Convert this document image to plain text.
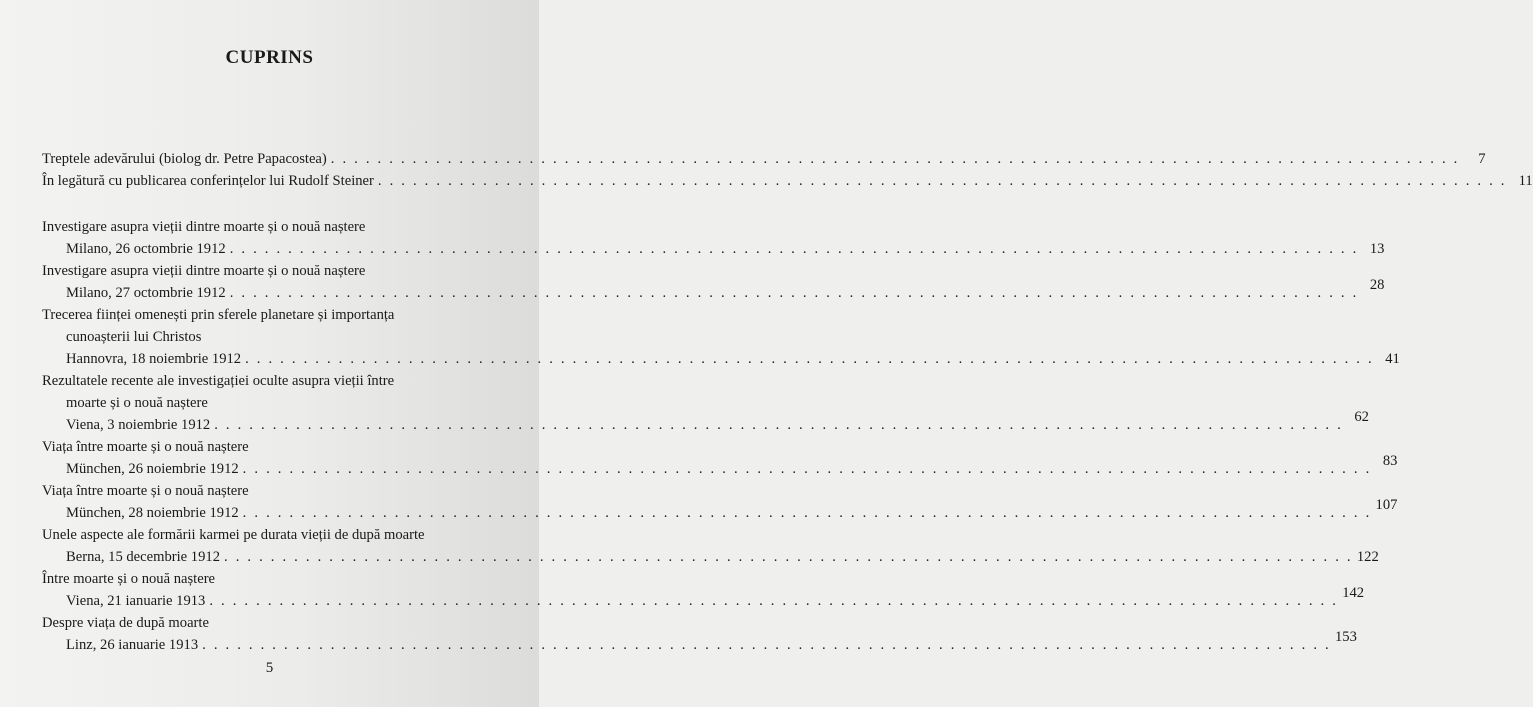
CUPRINS
Treptele adevărului (biolog dr. Petre Papacostea) . . .	7
În legătură cu publicarea conferințelor lui Rudolf Steiner . . .	11
Investigare asupra vieții dintre moarte și o nouă naștere
Milano, 26 octombrie 1912 . . .	13
Investigare asupra vieții dintre moarte și o nouă naștere
Milano, 27 octombrie 1912 . . .	28
Trecerea ființei omenești prin sferele planetare și importanța
cunoașterii lui Christos
Hannovra, 18 noiembrie 1912 . . .	41
Rezultatele recente ale investigației oculte asupra vieții între
moarte și o nouă naștere
Viena, 3 noiembrie 1912 . . .	62
Viața între moarte și o nouă naștere
München, 26 noiembrie 1912 . . .	83
Viața între moarte și o nouă naștere
München, 28 noiembrie 1912 . . .	107
Unele aspecte ale formării karmei pe durata vieții de după moarte
Berna, 15 decembrie 1912 . . .	122
Între moarte și o nouă naștere
Viena, 21 ianuarie 1913 . . .	142
Despre viața de după moarte
Linz, 26 ianuarie 1913 . . .	153
5
